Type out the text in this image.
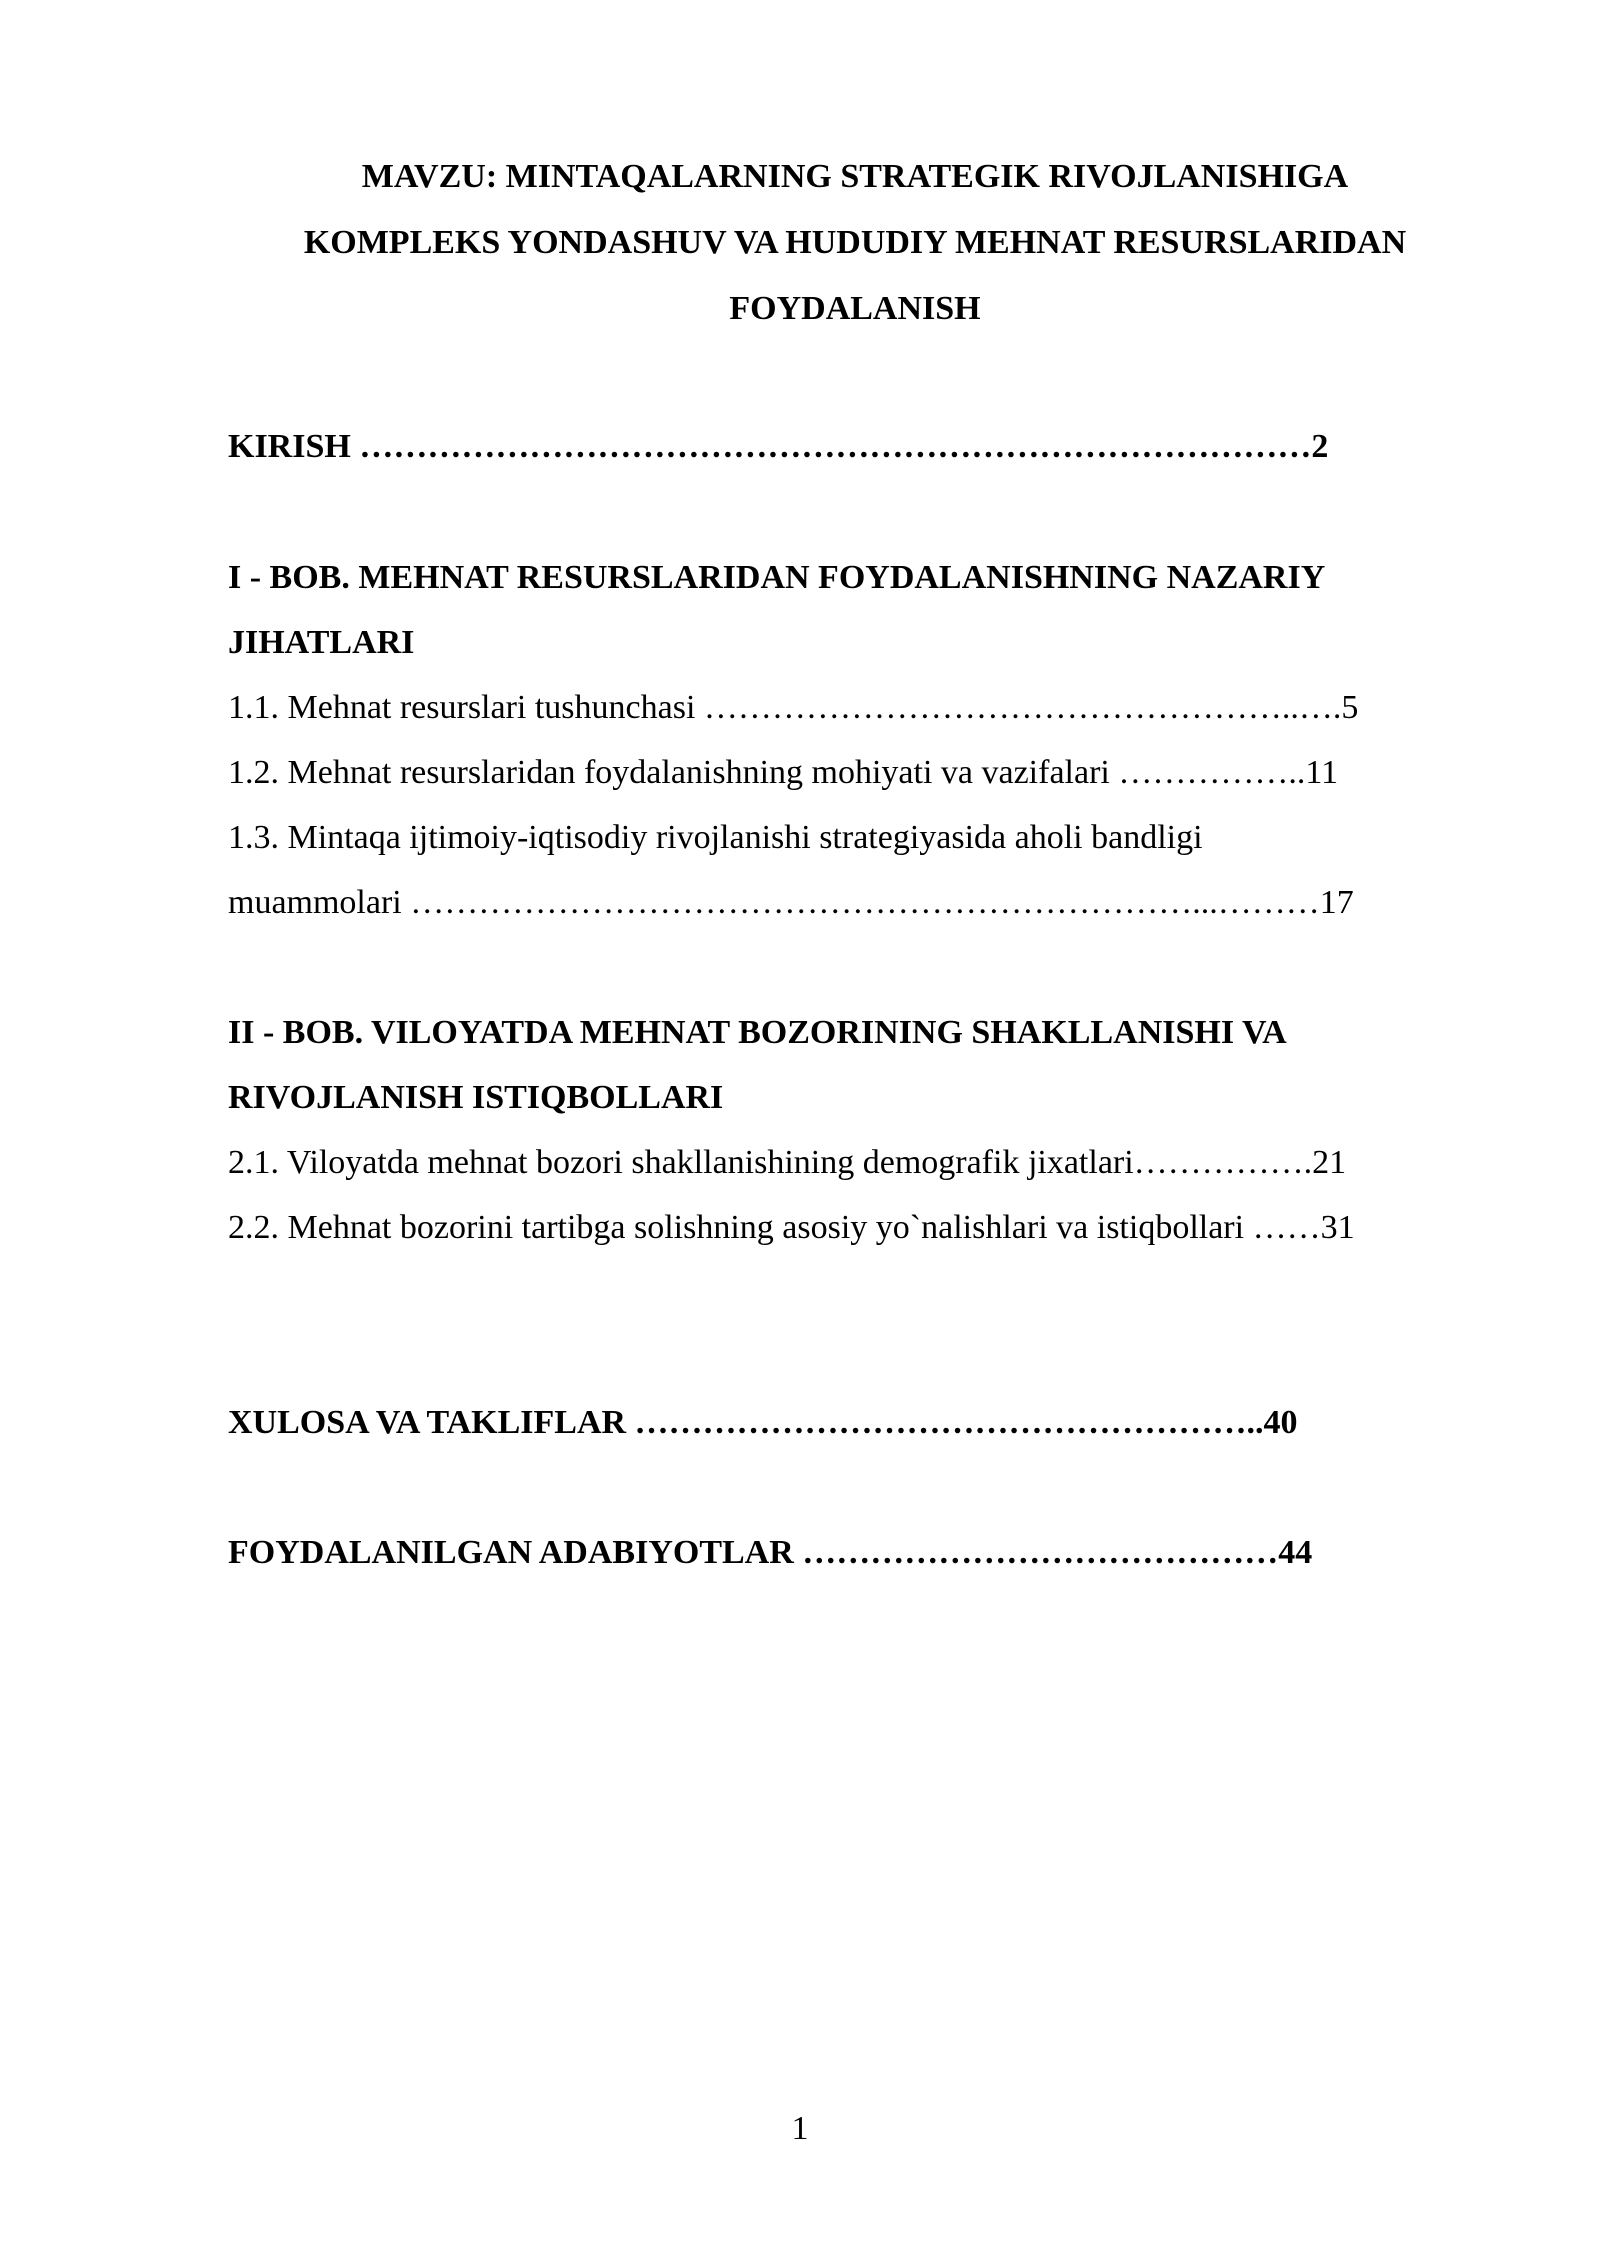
MAVZU: MINTAQALARNING STRATEGIK RIVOJLANISHIGA
KOMPLEKS YONDASHUV VA HUDUDIY MEHNAT RESURSLARIDAN
FOYDALANISH
KIRISH …………………………………………………………………………2
I - BOB. MEHNAT RESURSLARIDAN FOYDALANISHNING NAZARIY
JIHATLARI
1.1. Mehnat resurslari tushunchasi ……………………………………………..….5
1.2. Mehnat resurslaridan foydalanishning mohiyati va vazifalari ……………..11
1.3. Mintaqa ijtimoiy-iqtisodiy rivojlanishi strategiyasida aholi bandligi
muammolari ……………………………………………………………...………17
II - BOB. VILOYATDA MEHNAT BOZORINING SHAKLLANISHI VA
RIVOJLANISH ISTIQBOLLARI
2.1. Viloyatda mehnat bozori shakllanishining demografik jixatlari…………….21
2.2. Mehnat bozorini tartibga solishning asosiy yo`nalishlari va istiqbollari ……31
XULOSA VA TAKLIFLAR ………………………………………………..40
FOYDALANILGAN ADABIYOTLAR ……………………………………44
1
